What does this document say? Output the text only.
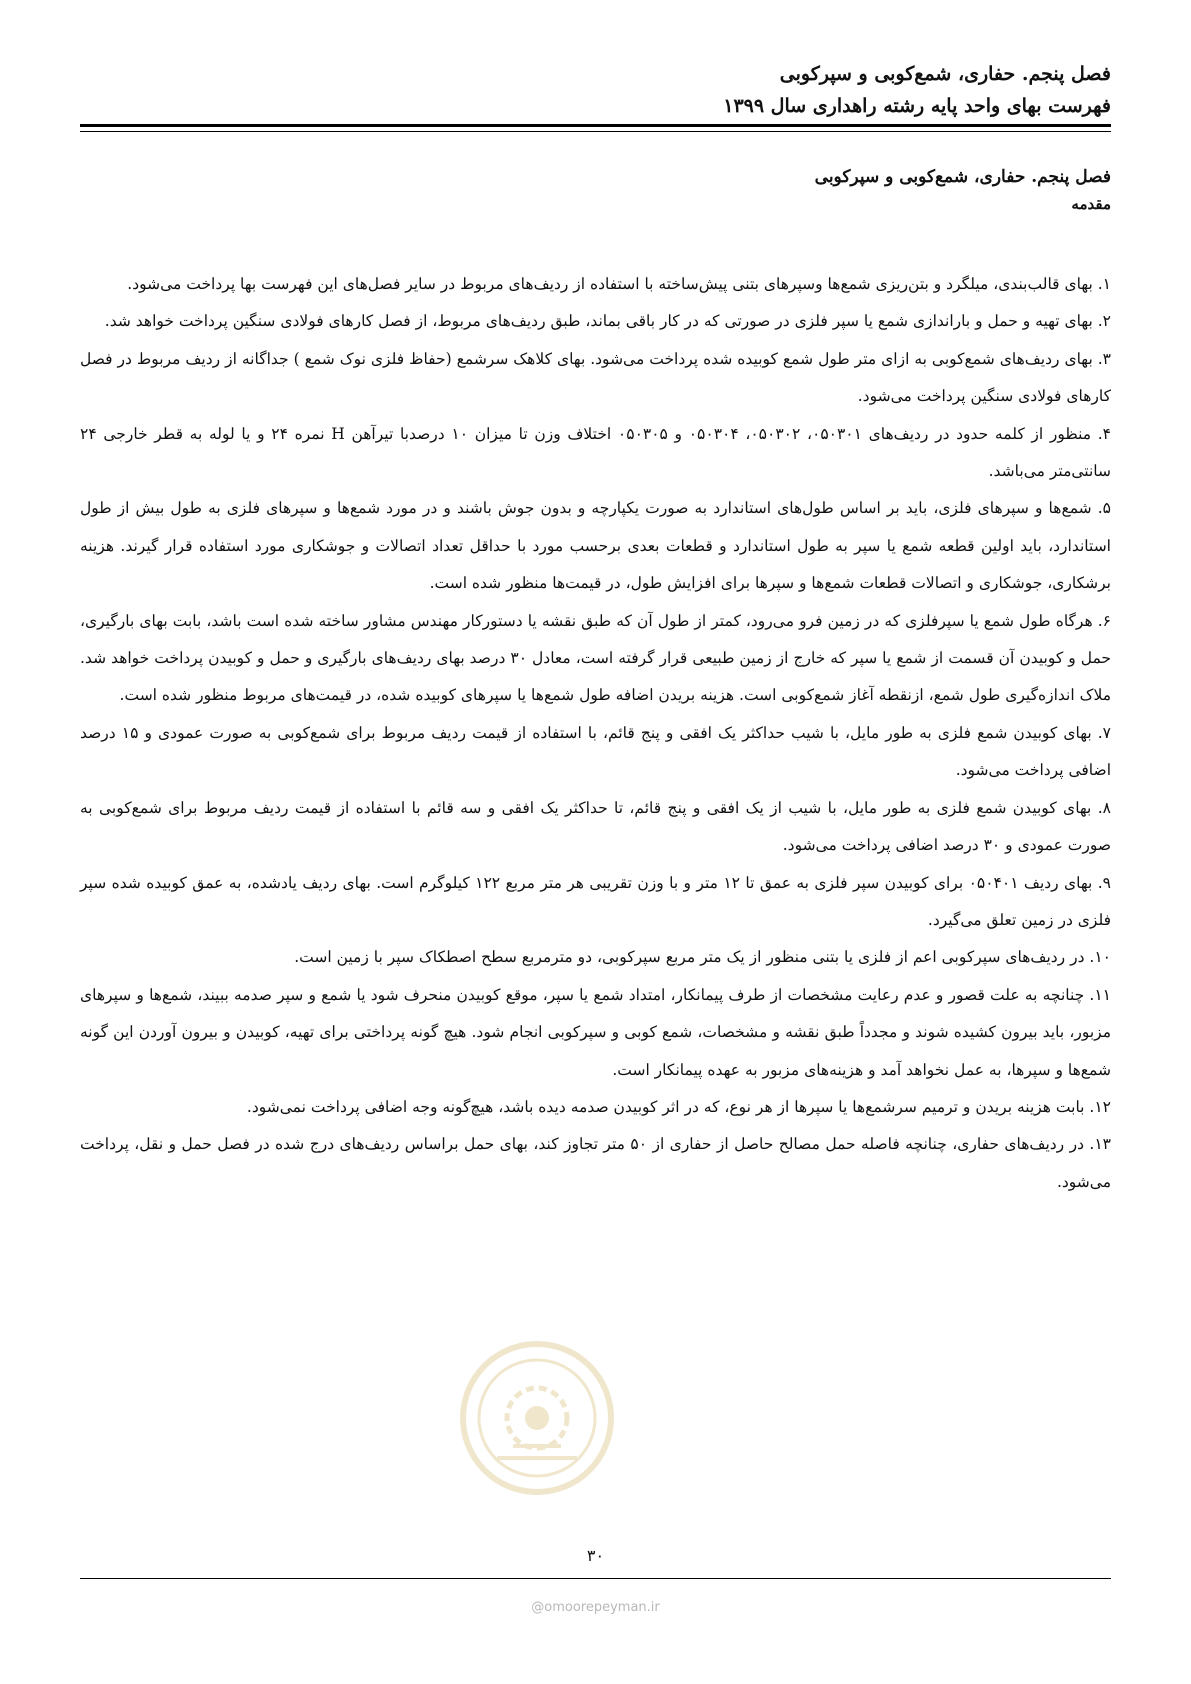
فصل پنجم. حفاری، شمع‌کوبی و سپرکوبی

فهرست بهای واحد پایه رشته راهداری سال ۱۳۹۹

فصل پنجم. حفاری، شمع‌کوبی و سپرکوبی

مقدمه

۱. بهای قالب‌بندی، میلگرد و بتن‌ریزی شمع‌ها وسپرهای بتنی پیش‌ساخته با استفاده از ردیف‌های مربوط در سایر فصل‌های این فهرست بها پرداخت می‌شود.
۲. بهای تهیه و حمل و باراندازی شمع یا سپر فلزی در صورتی که در کار باقی بماند، طبق ردیف‌های مربوط، از فصل کارهای فولادی سنگین پرداخت خواهد شد.
۳. بهای ردیف‌های شمع‌کوبی به ازای متر طول شمع کوبیده شده پرداخت می‌شود. بهای کلاهک سرشمع (حفاظ فلزی نوک شمع ) جداگانه از ردیف مربوط در فصل کارهای فولادی سنگین پرداخت می‌شود.
۴. منظور از کلمه حدود در ردیف‌های ۰۵۰۳۰۱، ۰۵۰۳۰۲، ۰۵۰۳۰۴ و ۰۵۰۳۰۵ اختلاف وزن تا میزان ۱۰ درصدبا تیرآهن H نمره ۲۴ و یا لوله به قطر خارجی ۲۴ سانتی‌متر می‌باشد.
۵. شمع‌ها و سپرهای فلزی، باید بر اساس طول‌های استاندارد به صورت یکپارچه و بدون جوش باشند و در مورد شمع‌ها و سپرهای فلزی به طول بیش از طول استاندارد، باید اولین قطعه شمع یا سپر به طول استاندارد و قطعات بعدی برحسب مورد با حداقل تعداد اتصالات و جوشکاری مورد استفاده قرار گیرند. هزینه برشکاری، جوشکاری و اتصالات قطعات شمع‌ها و سپرها برای افزایش طول، در قیمت‌ها منظور شده است.
۶. هرگاه طول شمع یا سپرفلزی که در زمین فرو می‌رود، کمتر از طول آن که طبق نقشه یا دستورکار مهندس مشاور ساخته شده است باشد، بابت بهای بارگیری، حمل و کوبیدن آن قسمت از شمع یا سپر که خارج از زمین طبیعی قرار گرفته است، معادل ۳۰ درصد بهای ردیف‌های بارگیری و حمل و کوبیدن پرداخت خواهد شد. ملاک اندازه‌گیری طول شمع، ازنقطه آغاز شمع‌کوبی است. هزینه بریدن اضافه طول شمع‌ها یا سپرهای کوبیده شده، در قیمت‌های مربوط منظور شده است.
۷. بهای کوبیدن شمع فلزی به طور مایل، با شیب حداکثر یک افقی و پنج قائم، با استفاده از قیمت ردیف مربوط برای شمع‌کوبی به صورت عمودی و ۱۵ درصد اضافی پرداخت می‌شود.
۸. بهای کوبیدن شمع فلزی به طور مایل، با شیب از یک افقی و پنج قائم، تا حداکثر یک افقی و سه قائم با استفاده از قیمت ردیف مربوط برای شمع‌کوبی به صورت عمودی و ۳۰ درصد اضافی پرداخت می‌شود.
۹. بهای ردیف ۰۵۰۴۰۱ برای کوبیدن سپر فلزی به عمق تا ۱۲ متر و با وزن تقریبی هر متر مربع ۱۲۲ کیلوگرم است. بهای ردیف یادشده، به عمق کوبیده شده سپر فلزی در زمین تعلق می‌گیرد.
۱۰. در ردیف‌های سپرکوبی اعم از فلزی یا بتنی منظور از یک متر مربع سپرکوبی، دو مترمربع سطح اصطکاک سپر با زمین است.
۱۱. چنانچه به علت قصور و عدم رعایت مشخصات از طرف پیمانکار، امتداد شمع یا سپر، موقع کوبیدن منحرف شود یا شمع و سپر صدمه ببیند، شمع‌ها و سپرهای مزبور، باید بیرون کشیده شوند و مجدداً طبق نقشه و مشخصات، شمع کوبی و سپرکوبی انجام شود. هیچ گونه پرداختی برای تهیه، کوبیدن و بیرون آوردن این گونه شمع‌ها و سپرها، به عمل نخواهد آمد و هزینه‌های مزبور به عهده پیمانکار است.
۱۲. بابت هزینه بریدن و ترمیم سرشمع‌ها یا سپرها از هر نوع، که در اثر کوبیدن صدمه دیده باشد، هیچ‌گونه وجه اضافی پرداخت نمی‌شود.
۱۳. در ردیف‌های حفاری، چنانچه فاصله حمل مصالح حاصل از حفاری از ۵۰ متر تجاوز کند، بهای حمل براساس ردیف‌های درج شده در فصل حمل و نقل، پرداخت می‌شود.
۳۰
@omoorepeyman.ir
